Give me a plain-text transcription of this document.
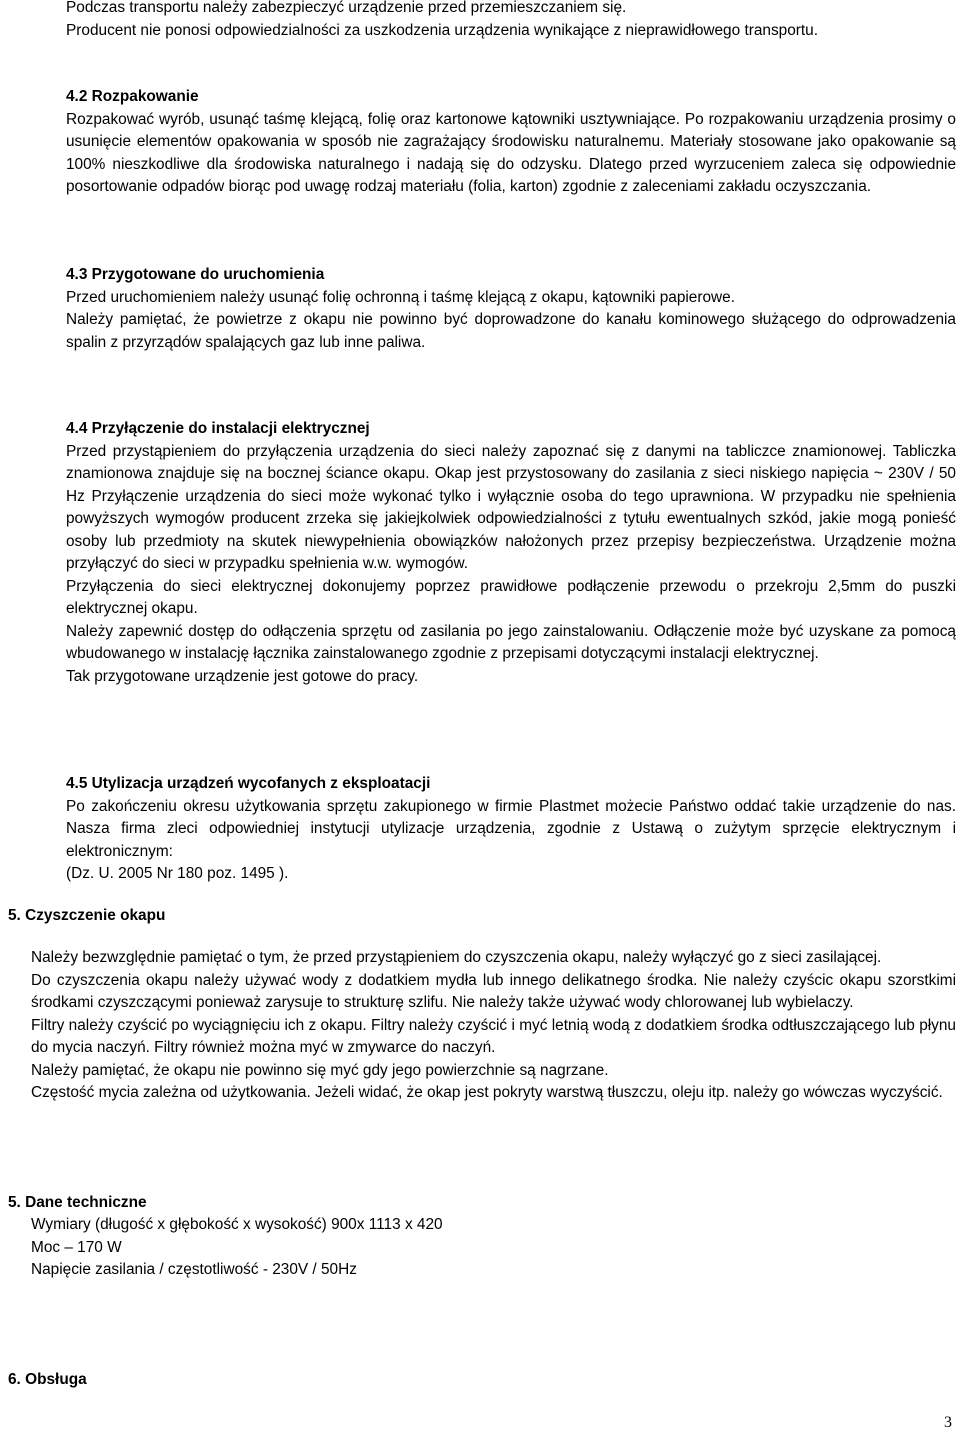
Podczas transportu należy zabezpieczyć urządzenie przed przemieszczaniem się.
Producent nie ponosi odpowiedzialności za uszkodzenia urządzenia wynikające z nieprawidłowego transportu.
4.2 Rozpakowanie
Rozpakować wyrób, usunąć taśmę klejącą, folię oraz kartonowe kątowniki usztywniające. Po rozpakowaniu urządzenia prosimy o usunięcie elementów opakowania w sposób nie zagrażający środowisku naturalnemu. Materiały stosowane jako opakowanie są 100% nieszkodliwe dla środowiska naturalnego i nadają się do odzysku. Dlatego przed wyrzuceniem zaleca się odpowiednie posortowanie odpadów biorąc pod uwagę rodzaj materiału (folia, karton) zgodnie z zaleceniami zakładu oczyszczania.
4.3 Przygotowane do uruchomienia
Przed uruchomieniem należy usunąć folię ochronną i taśmę klejącą z okapu, kątowniki papierowe.
Należy pamiętać, że powietrze z okapu nie powinno być doprowadzone do kanału kominowego służącego do odprowadzenia spalin z przyrządów spalających gaz lub inne paliwa.
4.4 Przyłączenie do instalacji elektrycznej
Przed przystąpieniem do przyłączenia urządzenia do sieci należy zapoznać się z danymi na tabliczce znamionowej. Tabliczka znamionowa znajduje się na bocznej ściance okapu. Okap jest przystosowany do zasilania z sieci niskiego napięcia ~ 230V / 50 Hz Przyłączenie urządzenia do sieci może wykonać tylko i wyłącznie osoba do tego uprawniona. W przypadku nie spełnienia powyższych wymogów producent zrzeka się jakiejkolwiek odpowiedzialności z tytułu ewentualnych szkód, jakie mogą ponieść osoby lub przedmioty na skutek niewypełnienia obowiązków nałożonych przez przepisy bezpieczeństwa. Urządzenie można przyłączyć do sieci w przypadku spełnienia w.w. wymogów.
Przyłączenia do sieci elektrycznej dokonujemy poprzez prawidłowe podłączenie przewodu o przekroju 2,5mm do puszki elektrycznej okapu.
Należy zapewnić dostęp do odłączenia sprzętu od zasilania po jego zainstalowaniu. Odłączenie może być uzyskane za pomocą wbudowanego w instalację łącznika zainstalowanego zgodnie z przepisami dotyczącymi instalacji elektrycznej.
Tak przygotowane urządzenie jest gotowe do pracy.
4.5 Utylizacja urządzeń wycofanych z eksploatacji
Po zakończeniu okresu użytkowania sprzętu zakupionego w firmie Plastmet możecie Państwo oddać takie urządzenie do nas. Nasza firma zleci odpowiedniej instytucji utylizacje urządzenia, zgodnie z Ustawą o zużytym sprzęcie elektrycznym i elektronicznym:
(Dz. U. 2005 Nr 180 poz. 1495 ).
5. Czyszczenie okapu
Należy bezwzględnie pamiętać o tym, że przed przystąpieniem do czyszczenia okapu, należy wyłączyć go z sieci zasilającej.
Do czyszczenia okapu należy używać wody z dodatkiem mydła lub innego delikatnego środka. Nie należy czyścic okapu szorstkimi środkami czyszczącymi ponieważ zarysuje to strukturę szlifu. Nie należy także używać wody chlorowanej lub wybielaczy.
Filtry należy czyścić po wyciągnięciu ich z okapu. Filtry należy czyścić i myć letnią wodą z dodatkiem środka odtłuszczającego lub płynu do mycia naczyń. Filtry również można myć w zmywarce do naczyń.
Należy pamiętać, że okapu nie powinno się myć gdy jego powierzchnie są nagrzane.
Częstość mycia zależna od użytkowania. Jeżeli widać, że okap jest pokryty warstwą tłuszczu, oleju itp. należy go wówczas wyczyścić.
5. Dane techniczne
Wymiary (długość x głębokość x wysokość) 900x 1113 x 420
Moc – 170 W
Napięcie zasilania / częstotliwość - 230V / 50Hz
6. Obsługa
3
